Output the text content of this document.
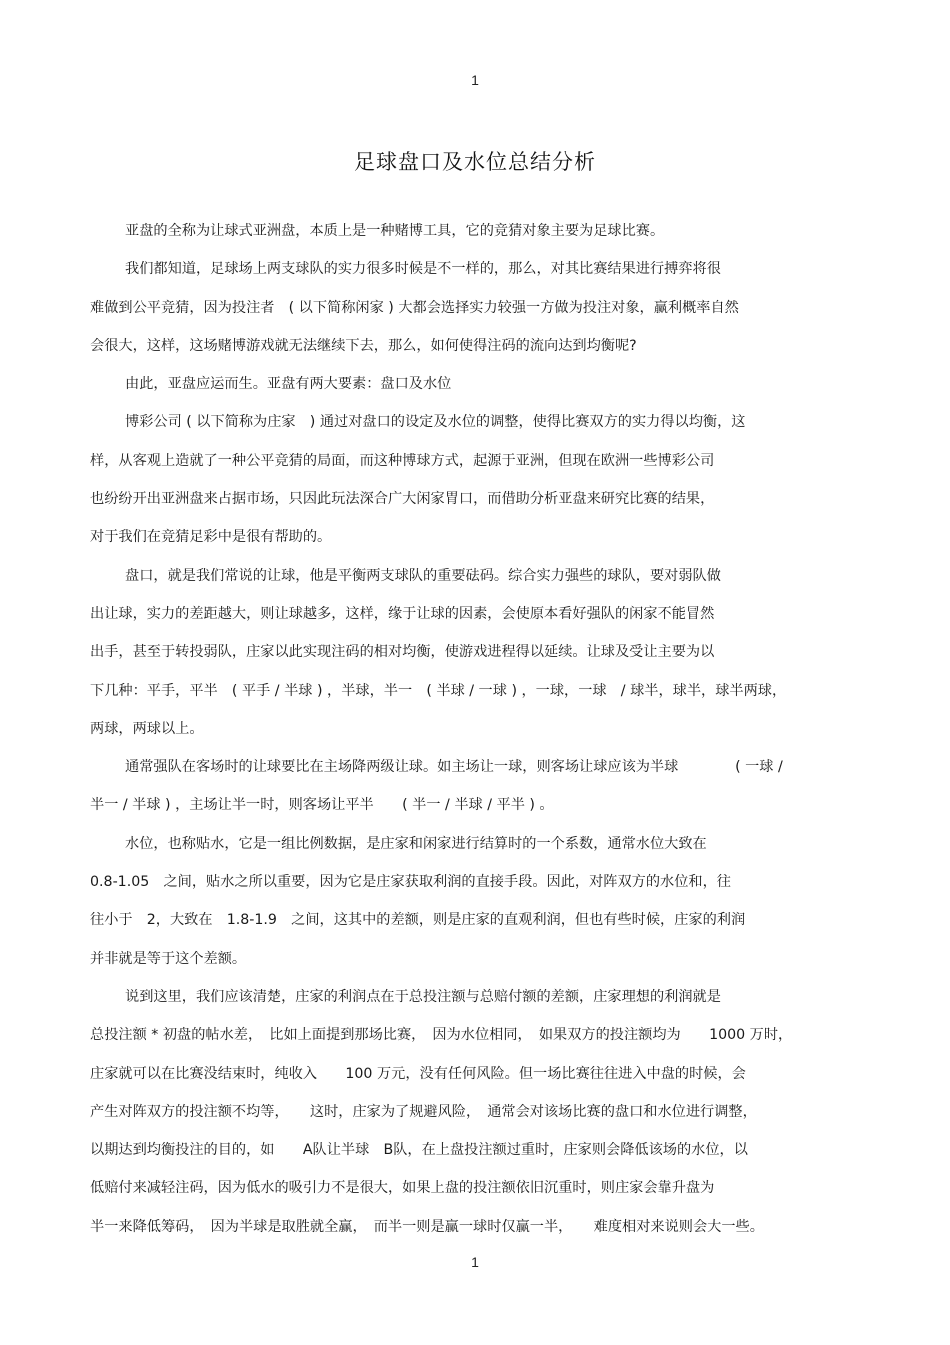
1
足球盘口及水位总结分析
亚盘的全称为让球式亚洲盘，本质上是一种赌博工具，它的竞猜对象主要为足球比赛。
我们都知道，足球场上两支球队的实力很多时候是不一样的，那么，对其比赛结果进行搏弈将很
难做到公平竞猜，因为投注者　( 以下简称闲家 ) 大都会选择实力较强一方做为投注对象，赢利概率自然
会很大，这样，这场赌博游戏就无法继续下去，那么，如何使得注码的流向达到均衡呢?
由此，亚盘应运而生。亚盘有两大要素：盘口及水位
博彩公司 ( 以下简称为庄家　) 通过对盘口的设定及水位的调整，使得比赛双方的实力得以均衡，这
样，从客观上造就了一种公平竞猜的局面，而这种博球方式，起源于亚洲，但现在欧洲一些博彩公司
也纷纷开出亚洲盘来占据市场，只因此玩法深合广大闲家胃口，而借助分析亚盘来研究比赛的结果，
对于我们在竞猜足彩中是很有帮助的。
盘口，就是我们常说的让球，他是平衡两支球队的重要砝码。综合实力强些的球队，要对弱队做
出让球，实力的差距越大，则让球越多，这样，缘于让球的因素，会使原本看好强队的闲家不能冒然
出手，甚至于转投弱队，庄家以此实现注码的相对均衡，使游戏进程得以延续。让球及受让主要为以
下几种：平手，平半　( 平手 / 半球 ) ，半球，半一　( 半球 / 一球 ) ，一球，一球　/ 球半，球半，球半两球，
两球，两球以上。
通常强队在客场时的让球要比在主场降两级让球。如主场让一球，则客场让球应该为半球　　　　( 一球 /
半一 / 半球 ) ，主场让半一时，则客场让平半　　( 半一 / 半球 / 平半 ) 。
水位，也称贴水，它是一组比例数据，是庄家和闲家进行结算时的一个系数，通常水位大致在
0.8-1.05　之间，贴水之所以重要，因为它是庄家获取利润的直接手段。因此，对阵双方的水位和，往
往小于　2，大致在　1.8-1.9　之间，这其中的差额，则是庄家的直观利润，但也有些时候，庄家的利润
并非就是等于这个差额。
说到这里，我们应该清楚，庄家的利润点在于总投注额与总赔付额的差额，庄家理想的利润就是
总投注额 * 初盘的帖水差，　比如上面提到那场比赛，　因为水位相同，　如果双方的投注额均为　　1000 万时，
庄家就可以在比赛没结束时，纯收入　　100 万元，没有任何风险。但一场比赛往往进入中盘的时候，会
产生对阵双方的投注额不均等，　　这时，庄家为了规避风险，　通常会对该场比赛的盘口和水位进行调整，
以期达到均衡投注的目的，如　　A队让半球　B队，在上盘投注额过重时，庄家则会降低该场的水位，以
低赔付来减轻注码，因为低水的吸引力不是很大，如果上盘的投注额依旧沉重时，则庄家会靠升盘为
半一来降低筹码，　因为半球是取胜就全赢，　而半一则是赢一球时仅赢一半，　　难度相对来说则会大一些。
1
